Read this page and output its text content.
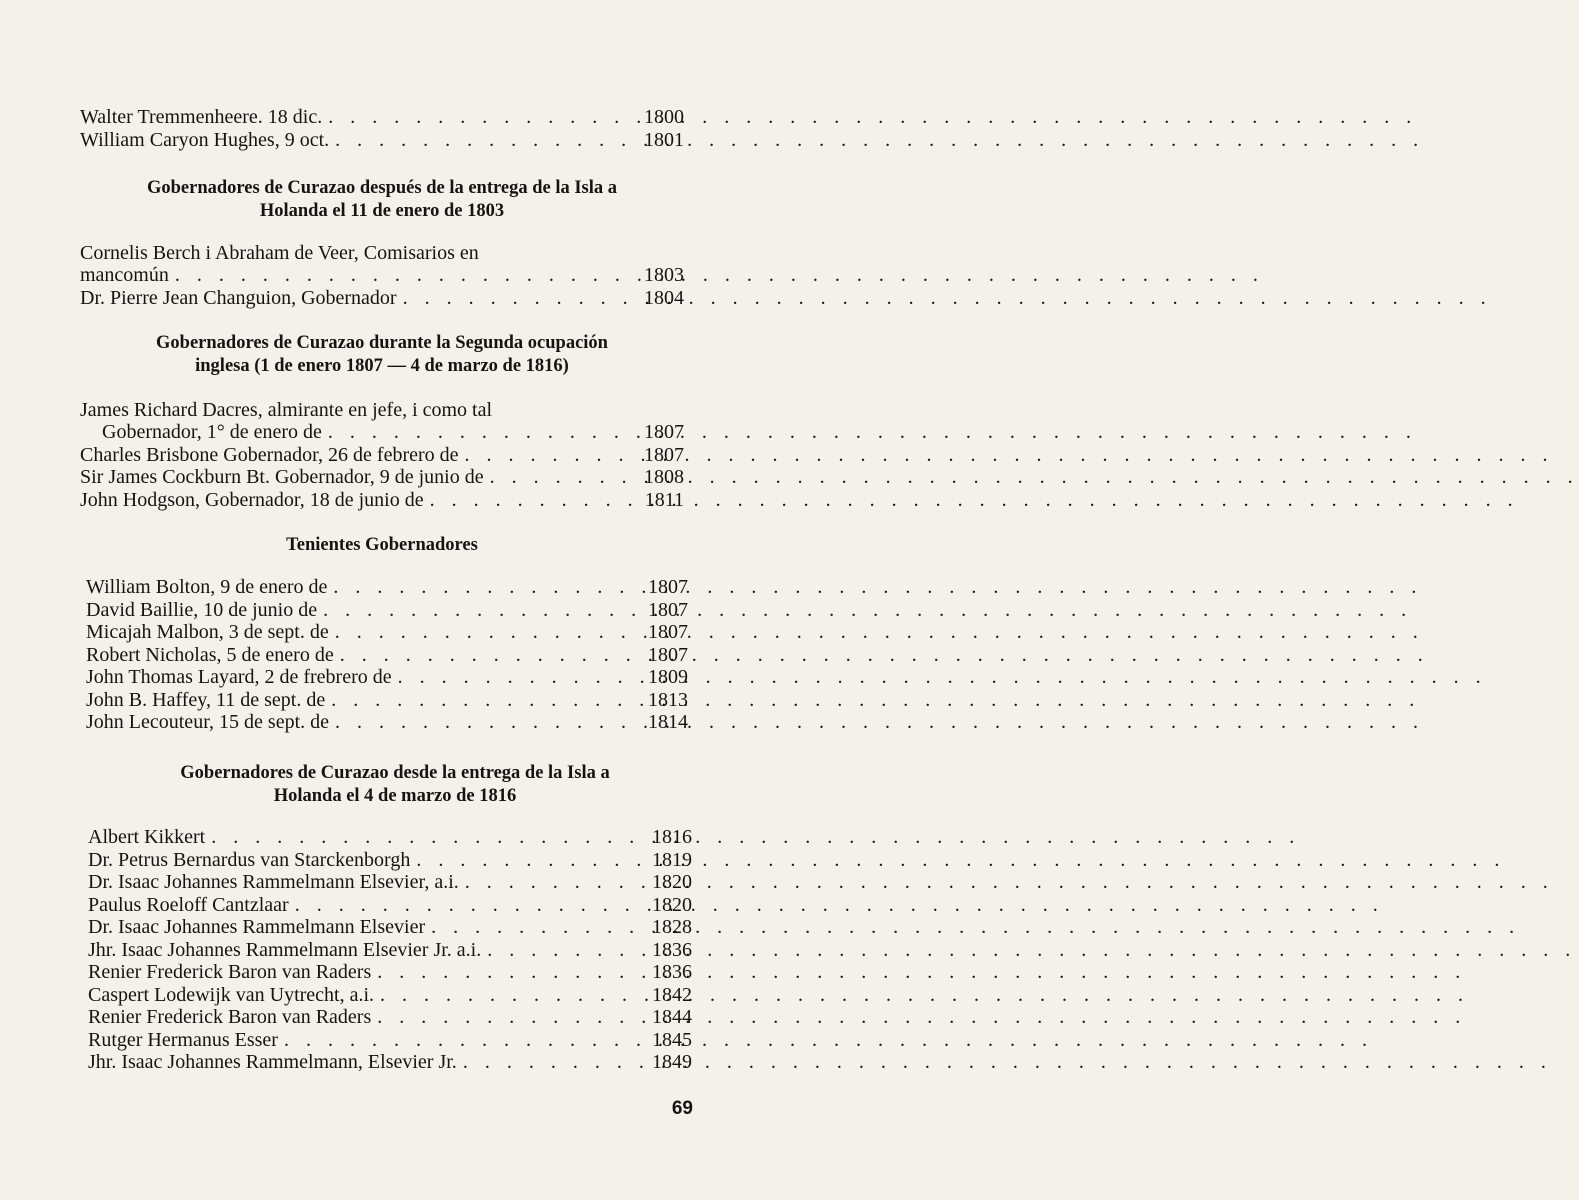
Walter Tremmenheere. 18 dic. . . .	1800
William Caryon Hughes, 9 oct. . . .	1801
Gobernadores de Curazao después de la entrega de la Isla a
Holanda el 11 de enero de 1803
Cornelis Berch i Abraham de Veer, Comisarios en
mancomún . . .	1803
Dr. Pierre Jean Changuion, Gobernador . . .	1804
Gobernadores de Curazao durante la Segunda ocupación
inglesa (1 de enero 1807 — 4 de marzo de 1816)
James Richard Dacres, almirante en jefe, i como tal
Gobernador, 1° de enero de . . .	1807
Charles Brisbone Gobernador, 26 de febrero de . . .	1807
Sir James Cockburn Bt. Gobernador, 9 de junio de . . .	1808
John Hodgson, Gobernador, 18 de junio de . . .	1811
Tenientes Gobernadores
William Bolton, 9 de enero de . . .	1807
David Baillie, 10 de junio de . . .	1807
Micajah Malbon, 3 de sept. de . . .	1807
Robert Nicholas, 5 de enero de . . .	1807
John Thomas Layard, 2 de frebrero de . . .	1809
John B. Haffey, 11 de sept. de . . .	1813
John Lecouteur, 15 de sept. de . . .	1814
Gobernadores de Curazao desde la entrega de la Isla a
Holanda el 4 de marzo de 1816
Albert Kikkert . . .	1816
Dr. Petrus Bernardus van Starckenborgh . . .	1819
Dr. Isaac Johannes Rammelmann Elsevier, a.i. . . .	1820
Paulus Roeloff Cantzlaar . . .	1820
Dr. Isaac Johannes Rammelmann Elsevier . . .	1828
Jhr. Isaac Johannes Rammelmann Elsevier Jr. a.i. . . .	1836
Renier Frederick Baron van Raders . . .	1836
Caspert Lodewijk van Uytrecht, a.i. . . .	1842
Renier Frederick Baron van Raders . . .	1844
Rutger Hermanus Esser . . .	1845
Jhr. Isaac Johannes Rammelmann, Elsevier Jr. . . .	1849
69
